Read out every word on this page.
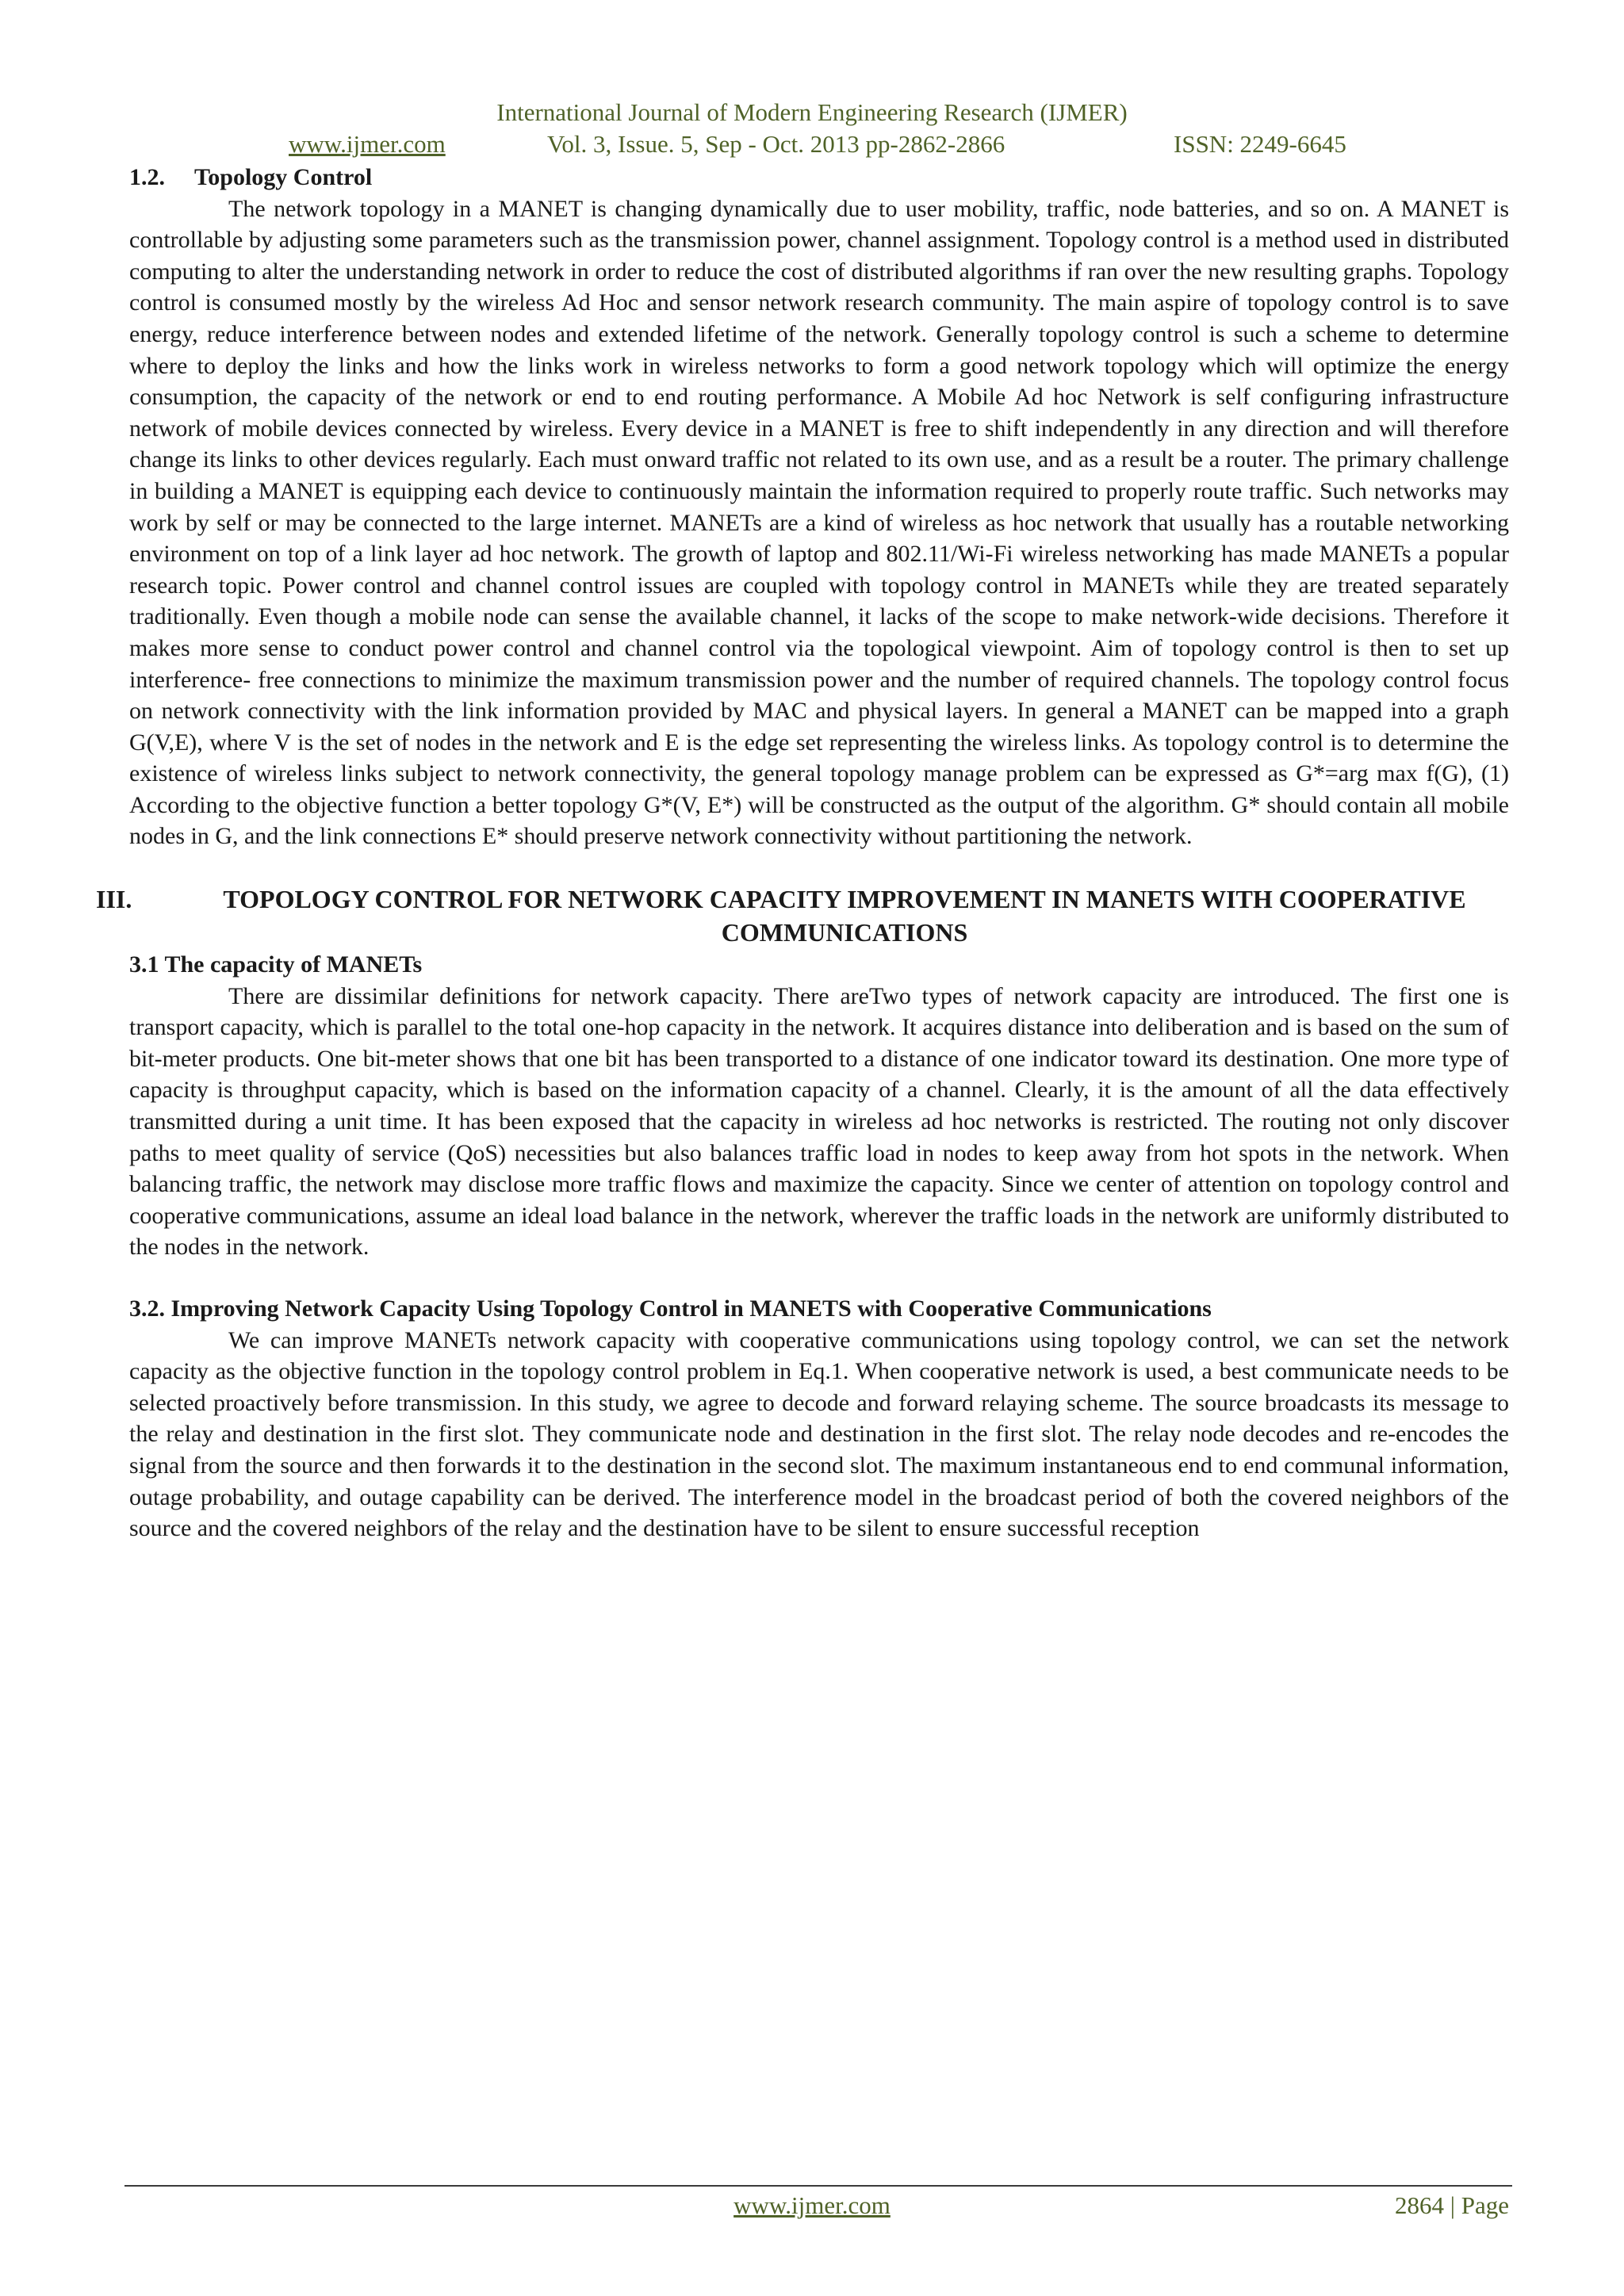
International Journal of Modern Engineering Research (IJMER)
www.ijmer.com	Vol. 3, Issue. 5, Sep - Oct. 2013 pp-2862-2866	ISSN: 2249-6645
1.2. Topology Control

The network topology in a MANET is changing dynamically due to user mobility, traffic, node batteries, and so on. A MANET is controllable by adjusting some parameters such as the transmission power, channel assignment. Topology control is a method used in distributed computing to alter the understanding network in order to reduce the cost of distributed algorithms if ran over the new resulting graphs. Topology control is consumed mostly by the wireless Ad Hoc and sensor network research community. The main aspire of topology control is to save energy, reduce interference between nodes and extended lifetime of the network. Generally topology control is such a scheme to determine where to deploy the links and how the links work in wireless networks to form a good network topology which will optimize the energy consumption, the capacity of the network or end to end routing performance. A Mobile Ad hoc Network is self configuring infrastructure network of mobile devices connected by wireless. Every device in a MANET is free to shift independently in any direction and will therefore change its links to other devices regularly. Each must onward traffic not related to its own use, and as a result be a router. The primary challenge in building a MANET is equipping each device to continuously maintain the information required to properly route traffic. Such networks may work by self or may be connected to the large internet. MANETs are a kind of wireless as hoc network that usually has a routable networking environment on top of a link layer ad hoc network. The growth of laptop and 802.11/Wi-Fi wireless networking has made MANETs a popular research topic. Power control and channel control issues are coupled with topology control in MANETs while they are treated separately traditionally. Even though a mobile node can sense the available channel, it lacks of the scope to make network-wide decisions. Therefore it makes more sense to conduct power control and channel control via the topological viewpoint. Aim of topology control is then to set up interference- free connections to minimize the maximum transmission power and the number of required channels. The topology control focus on network connectivity with the link information provided by MAC and physical layers. In general a MANET can be mapped into a graph G(V,E), where V is the set of nodes in the network and E is the edge set representing the wireless links. As topology control is to determine the existence of wireless links subject to network connectivity, the general topology manage problem can be expressed as G*=arg max f(G), (1) According to the objective function a better topology G*(V, E*) will be constructed as the output of the algorithm. G* should contain all mobile nodes in G, and the link connections E* should preserve network connectivity without partitioning the network.

III.	TOPOLOGY CONTROL FOR NETWORK CAPACITY IMPROVEMENT IN MANETS WITH COOPERATIVE COMMUNICATIONS
3.1 The capacity of MANETs

There are dissimilar definitions for network capacity. There areTwo types of network capacity are introduced. The first one is transport capacity, which is parallel to the total one-hop capacity in the network. It acquires distance into deliberation and is based on the sum of bit-meter products. One bit-meter shows that one bit has been transported to a distance of one indicator toward its destination. One more type of capacity is throughput capacity, which is based on the information capacity of a channel. Clearly, it is the amount of all the data effectively transmitted during a unit time. It has been exposed that the capacity in wireless ad hoc networks is restricted. The routing not only discover paths to meet quality of service (QoS) necessities but also balances traffic load in nodes to keep away from hot spots in the network. When balancing traffic, the network may disclose more traffic flows and maximize the capacity. Since we center of attention on topology control and cooperative communications, assume an ideal load balance in the network, wherever the traffic loads in the network are uniformly distributed to the nodes in the network.

3.2. Improving Network Capacity Using Topology Control in MANETS with Cooperative Communications

We can improve MANETs network capacity with cooperative communications using topology control, we can set the network capacity as the objective function in the topology control problem in Eq.1. When cooperative network is used, a best communicate needs to be selected proactively before transmission. In this study, we agree to decode and forward relaying scheme. The source broadcasts its message to the relay and destination in the first slot. They communicate node and destination in the first slot. The relay node decodes and re-encodes the signal from the source and then forwards it to the destination in the second slot. The maximum instantaneous end to end communal information, outage probability, and outage capability can be derived. The interference model in the broadcast period of both the covered neighbors of the source and the covered neighbors of the relay and the destination have to be silent to ensure successful reception

www.ijmer.com	2864 | Page
